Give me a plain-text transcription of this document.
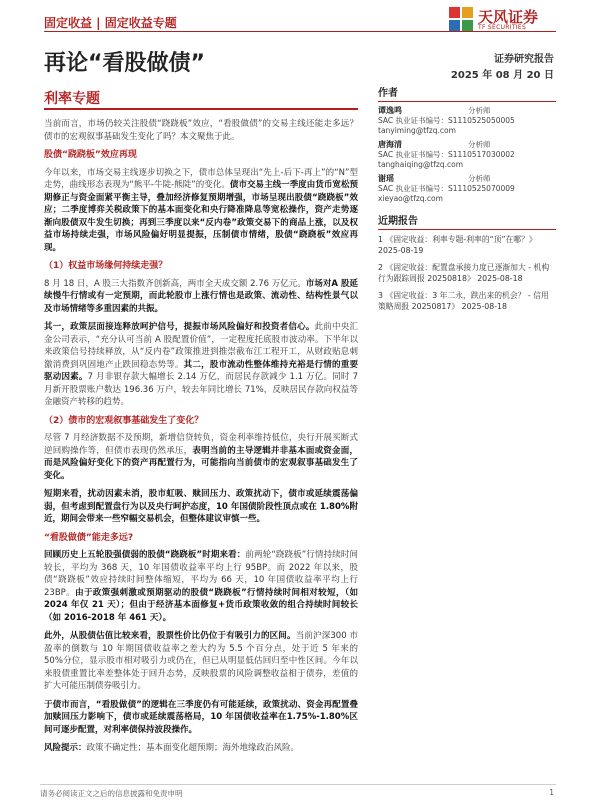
固定收益 | 固定收益专题	天风证券
TF SECURITIES
再论“看股做债”	证券研究报告
2025 年 08 月 20 日
利率专题

当前而言，市场仍较关注股债“跷跷板”效应，“看股做债”的交易主线还能走多远？债市的宏观叙事基础发生变化了吗？本文聚焦于此。

股债“跷跷板”效应再现

今年以来，市场交易主线逐步切换之下，债市总体呈现出“先上-后下-再上”的“N”型走势，曲线形态表现为“熊平-牛陡-熊陡”的变化。债市交易主线一季度由货币宽松预期修正与资金面紧平衡主导，叠加经济修复预期增强，市场呈现出股债“跷跷板”效应；二季度博弈关税政策下的基本面变化和央行降准降息等宽松操作，资产走势逐渐向股债双牛发生切换；再到三季度以来“反内卷”政策交易下的商品上涨，以及权益市场持续走强，市场风险偏好明显提振，压制债市情绪，股债“跷跷板”效应再现。

（1）权益市场缘何持续走强？

8 月 18 日，A 股三大指数齐创新高，两市全天成交额 2.76 万亿元。市场对A 股延续慢牛行情或有一定预期，而此轮股市上涨行情也是政策、流动性、结构性景气以及市场情绪等多重因素的共振。

其一，政策层面接连释放呵护信号，提振市场风险偏好和投资者信心。此前中央汇金公司表示，“充分认可当前 A 股配置价值”，一定程度托底股市波动率。下半年以来政策信号持续释放，从“反内卷”政策推进到推崇截布江工程开工，从财政贴息刺激消费到巩固地产止跌回稳态势等。其二，股市流动性整体维持充裕是行情的重要驱动因素。7 月非银存款大幅增长 2.14 万亿，而居民存款减少 1.1 万亿。同时 7 月新开股票账户数达 196.36 万户，较去年同比增长 71%，反映居民存款向权益等金融资产转移的趋势。

（2）债市的宏观叙事基础发生了变化？

尽管 7 月经济数据不及预期，新增信贷转负，资金利率维持低位，央行开展买断式逆回购操作等，但债市表现仍然承压，表明当前的主导逻辑并非基本面或资金面，而是风险偏好变化下的资产再配置行为，可能指向当前债市的宏观叙事基础发生了变化。

短期来看，扰动因素未消，股市虹吸、赎回压力、政策扰动下，债市或延续震荡偏弱，但考虑到配置盘行为以及央行呵护态度，10 年国债阶段性顶点或在 1.80%附近，期间会带来一些窄幅交易机会，但整体建议审慎一些。

“看股做债”能走多远?

回顾历史上五轮股强债弱的股债“跷跷板”时期来看：前两轮“跷跷板”行情持续时间较长，平均为 368 天，10 年国债收益率平均上行 95BP。而 2022 年以来，股债“跷跷板”效应持续时间整体缩短，平均为 66 天，10 年国债收益率平均上行 23BP。由于政策强刺激或预期驱动的股债“跷跷板”行情持续时间相对较短，（如 2024 年仅 21 天）；但由于经济基本面修复+货币政策收敛的组合持续时间较长（如 2016-2018 年 461 天）。

此外，从股债估值比较来看，股票性价比仍位于有吸引力的区间。当前沪深300 市盈率的倒数与 10 年期国债收益率之差大约为 5.5 个百分点，处于近 5 年来的 50%分位，显示股市相对吸引力或仍在，但已从明显低估回归至中性区间。今年以来股债重置比率差整体处于回升态势，反映股票的风险调整收益相于债券，差值的扩大可能压制债券吸引力。

于债市而言，“看股做债”的逻辑在三季度仍有可能延续，政策扰动、资金再配置叠加赎回压力影响下，债市或延续震荡格局，10 年国债收益率在1.75%-1.80%区间可逐步配置，对利率债保持波段操作。

风险提示：政策不确定性；基本面变化超预期；海外地缘政治风险。

作者
谭逸鸣	分析师
SAC 执业证书编号：S1110525050005
tanyiming@tfzq.com
唐海清	分析师
SAC 执业证书编号：S1110517030002
tanghaiqing@tfzq.com
谢瑶	分析师
SAC 执业证书编号：S1110525070009
xieyao@tfzq.com
近期报告
1 《固定收益：利率专题-利率的“顶”在哪？》 2025-08-19
2 《固定收益：配置盘承接力度已逐渐加大 - 机构行为跟踪周报 20250818》 2025-08-18
3 《固定收益：3 年二永，跌出来的机会？ - 信用策略周报 20250817》 2025-08-18
请务必阅读正文之后的信息披露和免责申明	1
